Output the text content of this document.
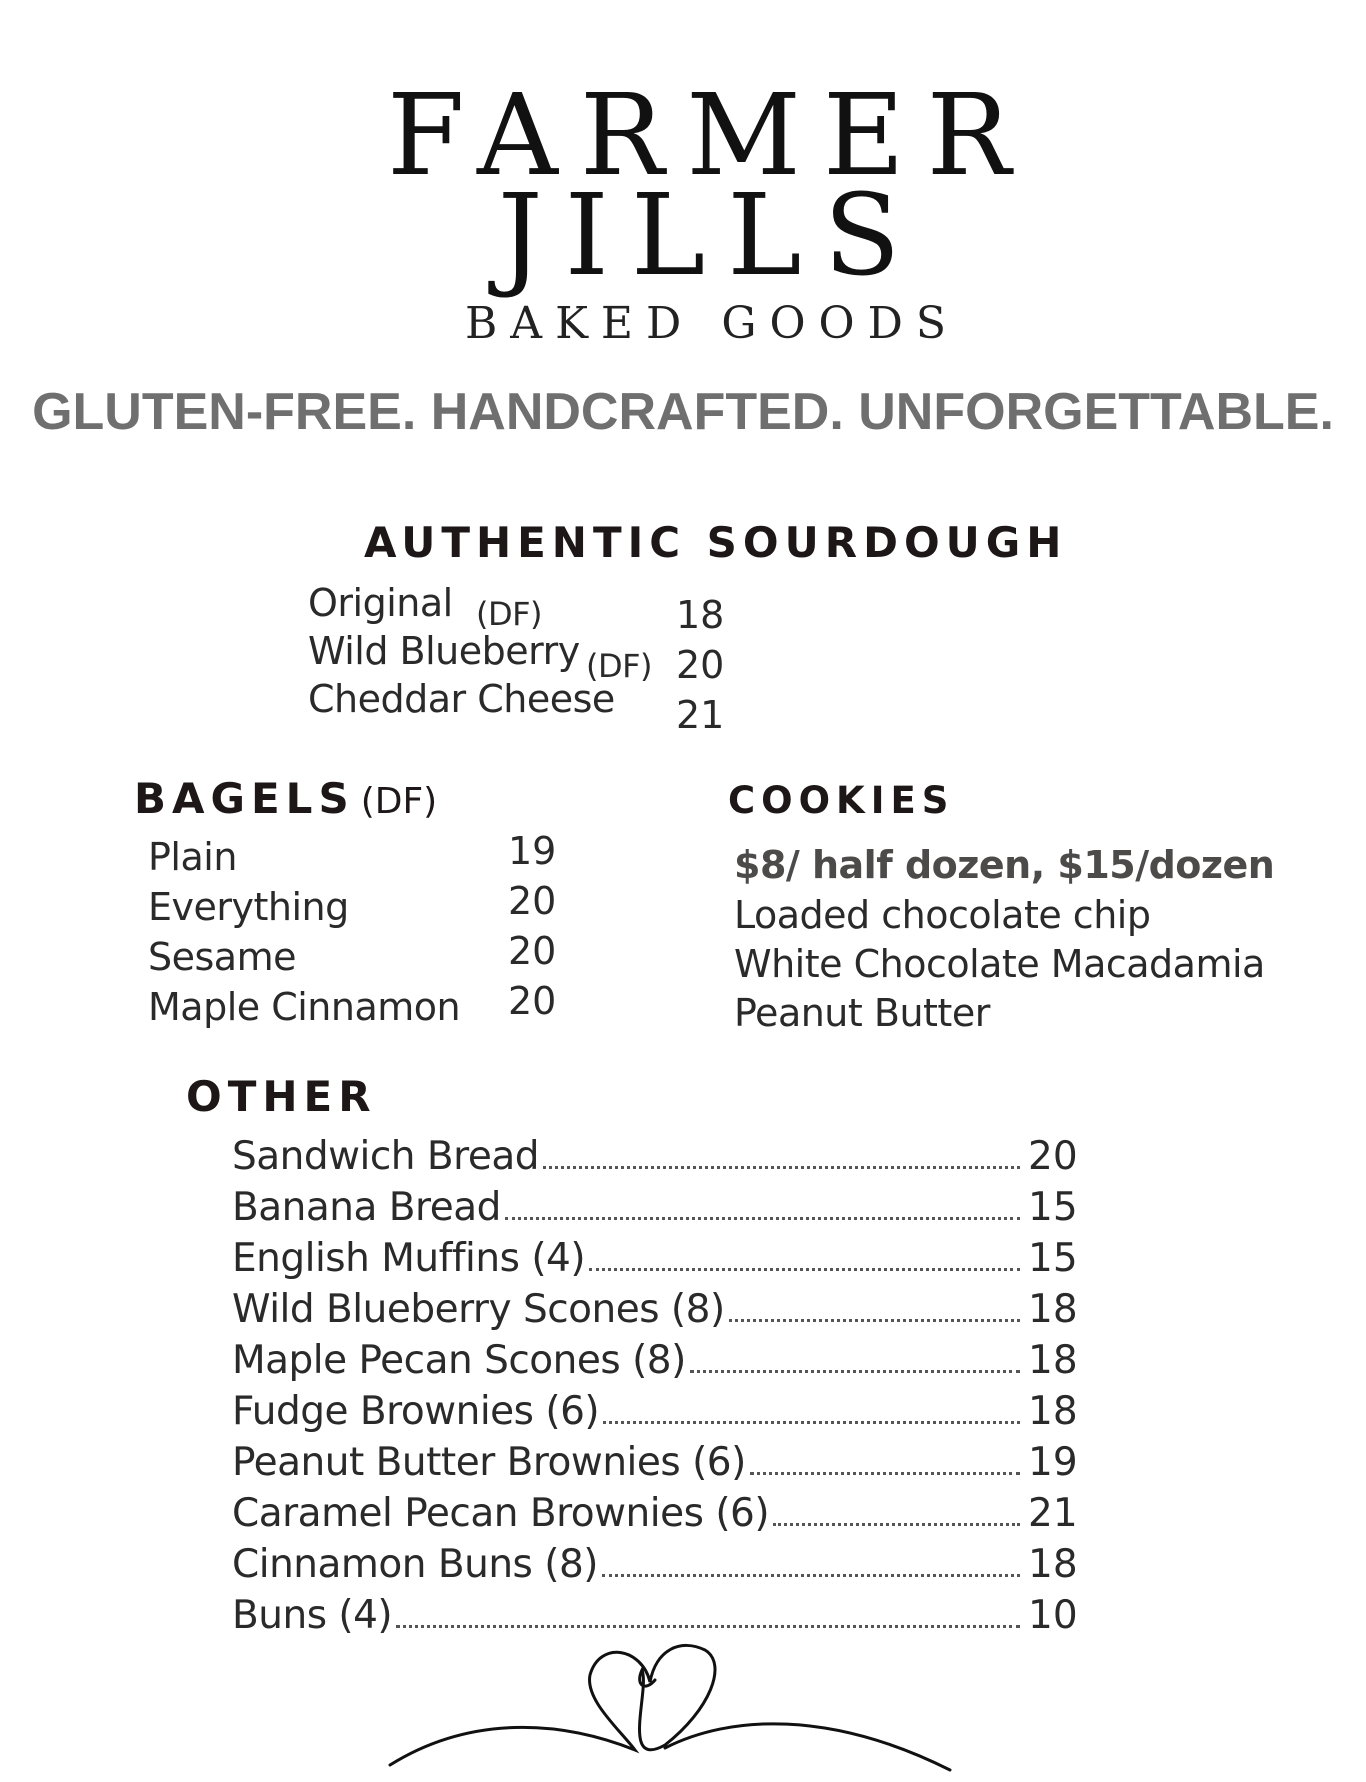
FARMER
JILLS
BAKED GOODS
GLUTEN-FREE. HANDCRAFTED. UNFORGETTABLE.
AUTHENTIC SOURDOUGH
Original (DF)	18
Wild Blueberry (DF) 20
Cheddar Cheese 21
BAGELS (DF)
Plain	19
Everything	20
Sesame	20
Maple Cinnamon 20
COOKIES
$8/ half dozen, $15/dozen
Loaded chocolate chip
White Chocolate Macadamia
Peanut Butter
OTHER
Sandwich Bread	20
Banana Bread	15
English Muffins (4)	15
Wild Blueberry Scones (8)	18
Maple Pecan Scones (8)	18
Fudge Brownies (6)	18
Peanut Butter Brownies (6)	19
Caramel Pecan Brownies (6)	21
Cinnamon Buns (8)	18
Buns (4)	10
